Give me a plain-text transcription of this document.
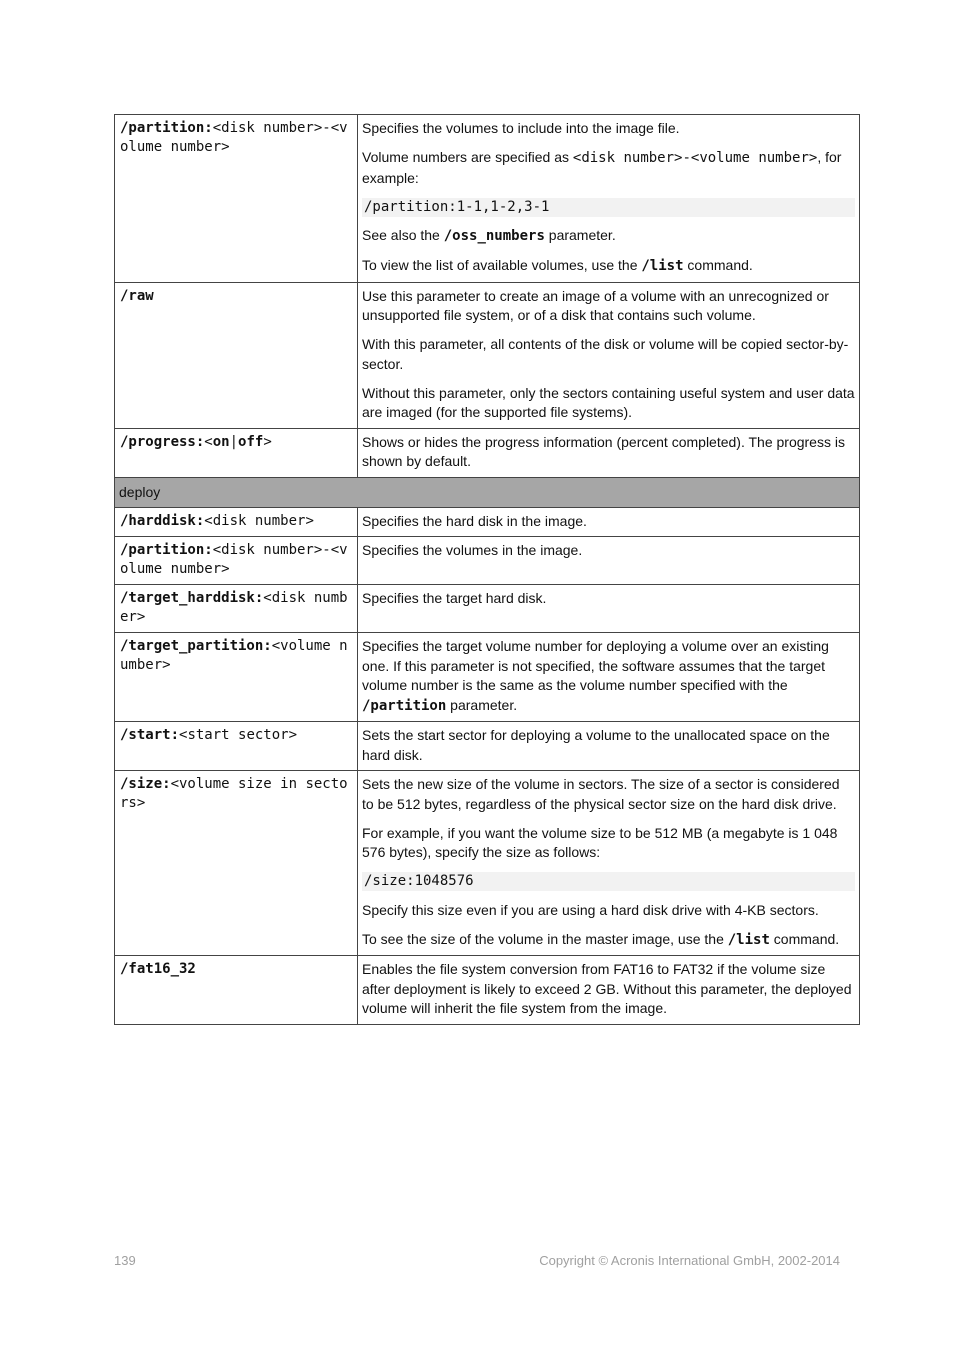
/partition:<disk number>-<volume number>	Specifies the volumes to include into the image file.

Volume numbers are specified as <disk number>-<volume number>, for example:

/partition:1-1,1-2,3-1

See also the /oss_numbers parameter.

To view the list of available volumes, use the /list command.

/raw	Use this parameter to create an image of a volume with an unrecognized or unsupported file system, or of a disk that contains such volume.

With this parameter, all contents of the disk or volume will be copied sector-by-sector.

Without this parameter, only the sectors containing useful system and user data are imaged (for the supported file systems).

/progress:<on|off>	Shows or hides the progress information (percent completed). The progress is shown by default.

deploy	
/harddisk:<disk number>	Specifies the hard disk in the image.

/partition:<disk number>-<volume number>	Specifies the volumes in the image.

/target_harddisk:<disk number>	Specifies the target hard disk.

/target_partition:<volume number>	Specifies the target volume number for deploying a volume over an existing one. If this parameter is not specified, the software assumes that the target volume number is the same as the volume number specified with the /partition parameter.

/start:<start sector>	Sets the start sector for deploying a volume to the unallocated space on the hard disk.

/size:<volume size in sectors>	Sets the new size of the volume in sectors. The size of a sector is considered to be 512 bytes, regardless of the physical sector size on the hard disk drive.

For example, if you want the volume size to be 512 MB (a megabyte is 1 048 576 bytes), specify the size as follows:

/size:1048576

Specify this size even if you are using a hard disk drive with 4-KB sectors.

To see the size of the volume in the master image, use the /list command.

/fat16_32	Enables the file system conversion from FAT16 to FAT32 if the volume size after deployment is likely to exceed 2 GB. Without this parameter, the deployed volume will inherit the file system from the image.

139	Copyright © Acronis International GmbH, 2002-2014
